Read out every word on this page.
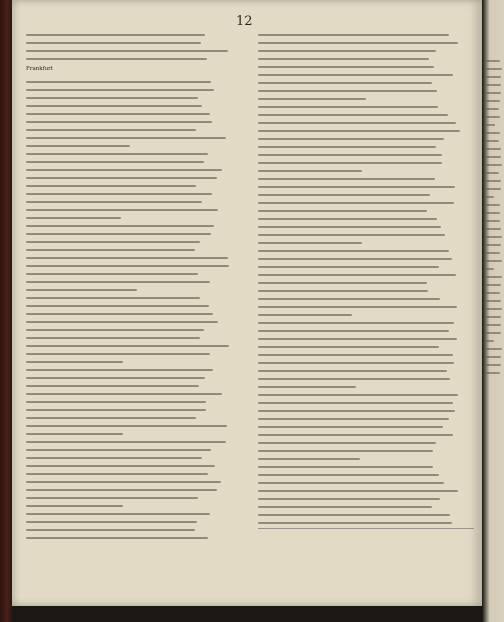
12
Frankfurt
